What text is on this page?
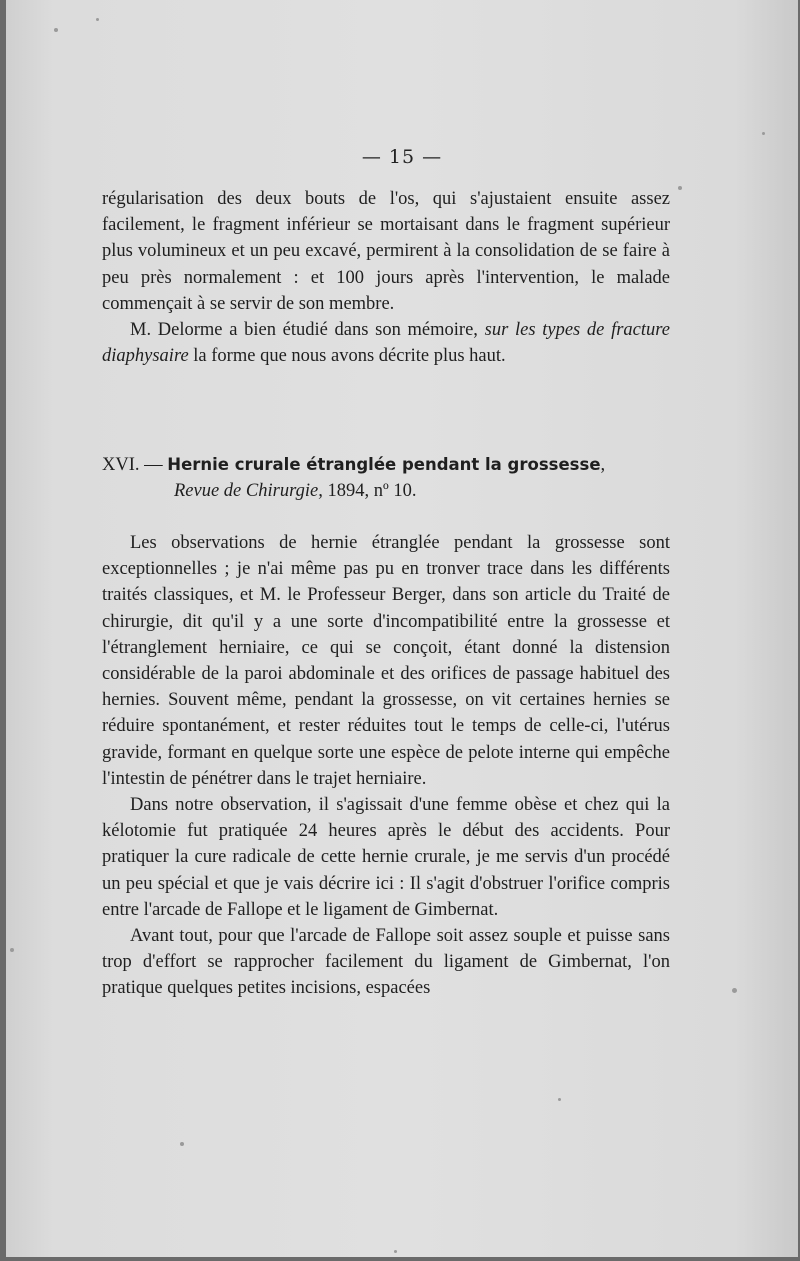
— 15 —

régularisation des deux bouts de l'os, qui s'ajustaient ensuite assez facilement, le fragment inférieur se mortaisant dans le fragment supérieur plus volumineux et un peu excavé, permirent à la consolidation de se faire à peu près normalement : et 100 jours après l'intervention, le malade commençait à se servir de son membre.

M. Delorme a bien étudié dans son mémoire, sur les types de fracture diaphysaire la forme que nous avons décrite plus haut.

XVI. — Hernie crurale étranglée pendant la grossesse,
Revue de Chirurgie, 1894, nº 10.

Les observations de hernie étranglée pendant la grossesse sont exceptionnelles ; je n'ai même pas pu en tronver trace dans les différents traités classiques, et M. le Professeur Berger, dans son article du Traité de chirurgie, dit qu'il y a une sorte d'incompatibilité entre la grossesse et l'étranglement herniaire, ce qui se conçoit, étant donné la distension considérable de la paroi abdominale et des orifices de passage habituel des hernies. Souvent même, pendant la grossesse, on vit certaines hernies se réduire spontanément, et rester réduites tout le temps de celle-ci, l'utérus gravide, formant en quelque sorte une espèce de pelote interne qui empêche l'intestin de pénétrer dans le trajet herniaire.

Dans notre observation, il s'agissait d'une femme obèse et chez qui la kélotomie fut pratiquée 24 heures après le début des accidents. Pour pratiquer la cure radicale de cette hernie crurale, je me servis d'un procédé un peu spécial et que je vais décrire ici : Il s'agit d'obstruer l'orifice compris entre l'arcade de Fallope et le ligament de Gimbernat.

Avant tout, pour que l'arcade de Fallope soit assez souple et puisse sans trop d'effort se rapprocher facilement du ligament de Gimbernat, l'on pratique quelques petites incisions, espacées
